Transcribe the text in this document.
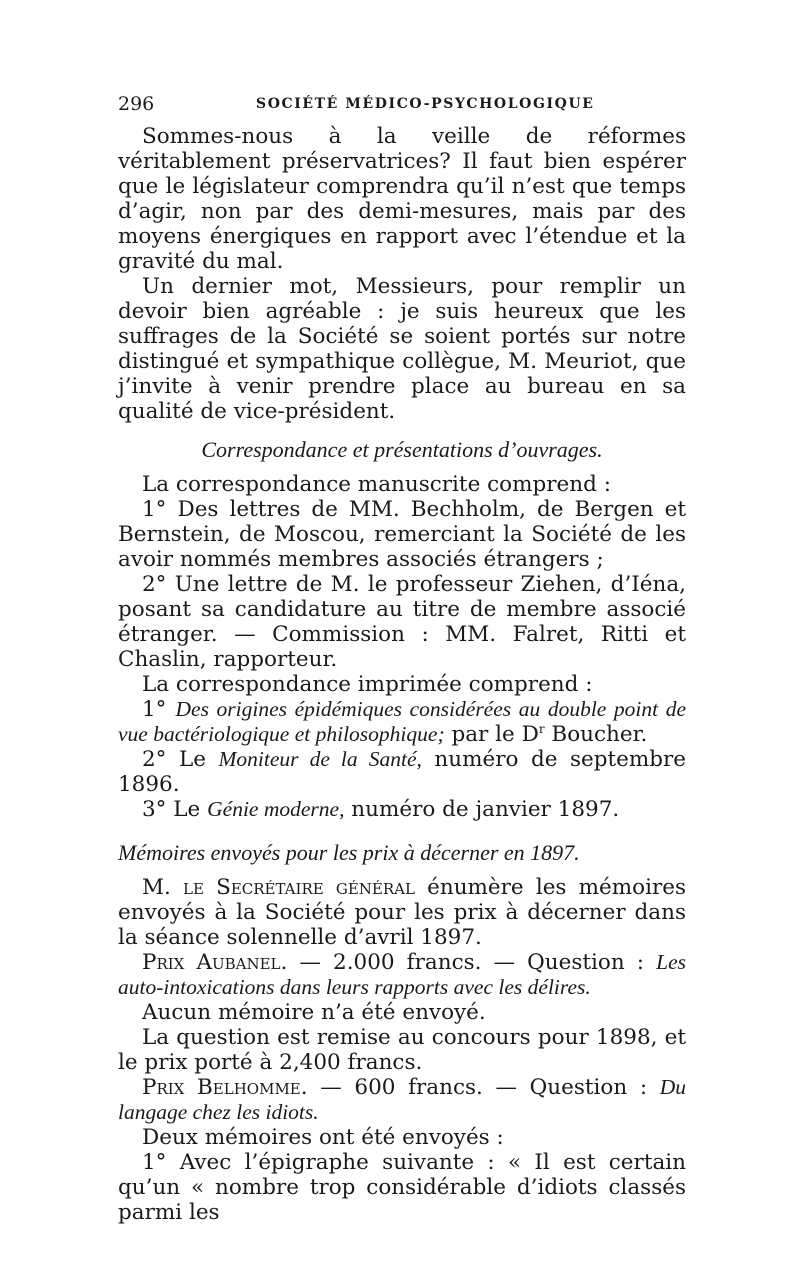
296	SOCIÉTÉ MÉDICO-PSYCHOLOGIQUE

Sommes-nous à la veille de réformes véritablement préservatrices? Il faut bien espérer que le législateur comprendra qu’il n’est que temps d’agir, non par des demi-mesures, mais par des moyens énergiques en rapport avec l’étendue et la gravité du mal.

Un dernier mot, Messieurs, pour remplir un devoir bien agréable : je suis heureux que les suffrages de la Société se soient portés sur notre distingué et sympathique collègue, M. Meuriot, que j’invite à venir prendre place au bureau en sa qualité de vice-président.

Correspondance et présentations d’ouvrages.

La correspondance manuscrite comprend :

1° Des lettres de MM. Bechholm, de Bergen et Bernstein, de Moscou, remerciant la Société de les avoir nommés membres associés étrangers ;

2° Une lettre de M. le professeur Ziehen, d’Iéna, posant sa candidature au titre de membre associé étranger. — Commission : MM. Falret, Ritti et Chaslin, rapporteur.

La correspondance imprimée comprend :

1° Des origines épidémiques considérées au double point de vue bactériologique et philosophique; par le $D^r$ Boucher.

2° Le Moniteur de la Santé, numéro de septembre 1896.

3° Le Génie moderne, numéro de janvier 1897.

Mémoires envoyés pour les prix à décerner en 1897.

M. le Secrétaire général énumère les mémoires envoyés à la Société pour les prix à décerner dans la séance solennelle d’avril 1897.

Prix Aubanel. — 2.000 francs. — Question : Les auto-intoxications dans leurs rapports avec les délires.

Aucun mémoire n’a été envoyé.

La question est remise au concours pour 1898, et le prix porté à 2,400 francs.

Prix Belhomme. — 600 francs. — Question : Du langage chez les idiots.

Deux mémoires ont été envoyés :

1° Avec l’épigraphe suivante : « Il est certain qu’un « nombre trop considérable d’idiots classés parmi les
